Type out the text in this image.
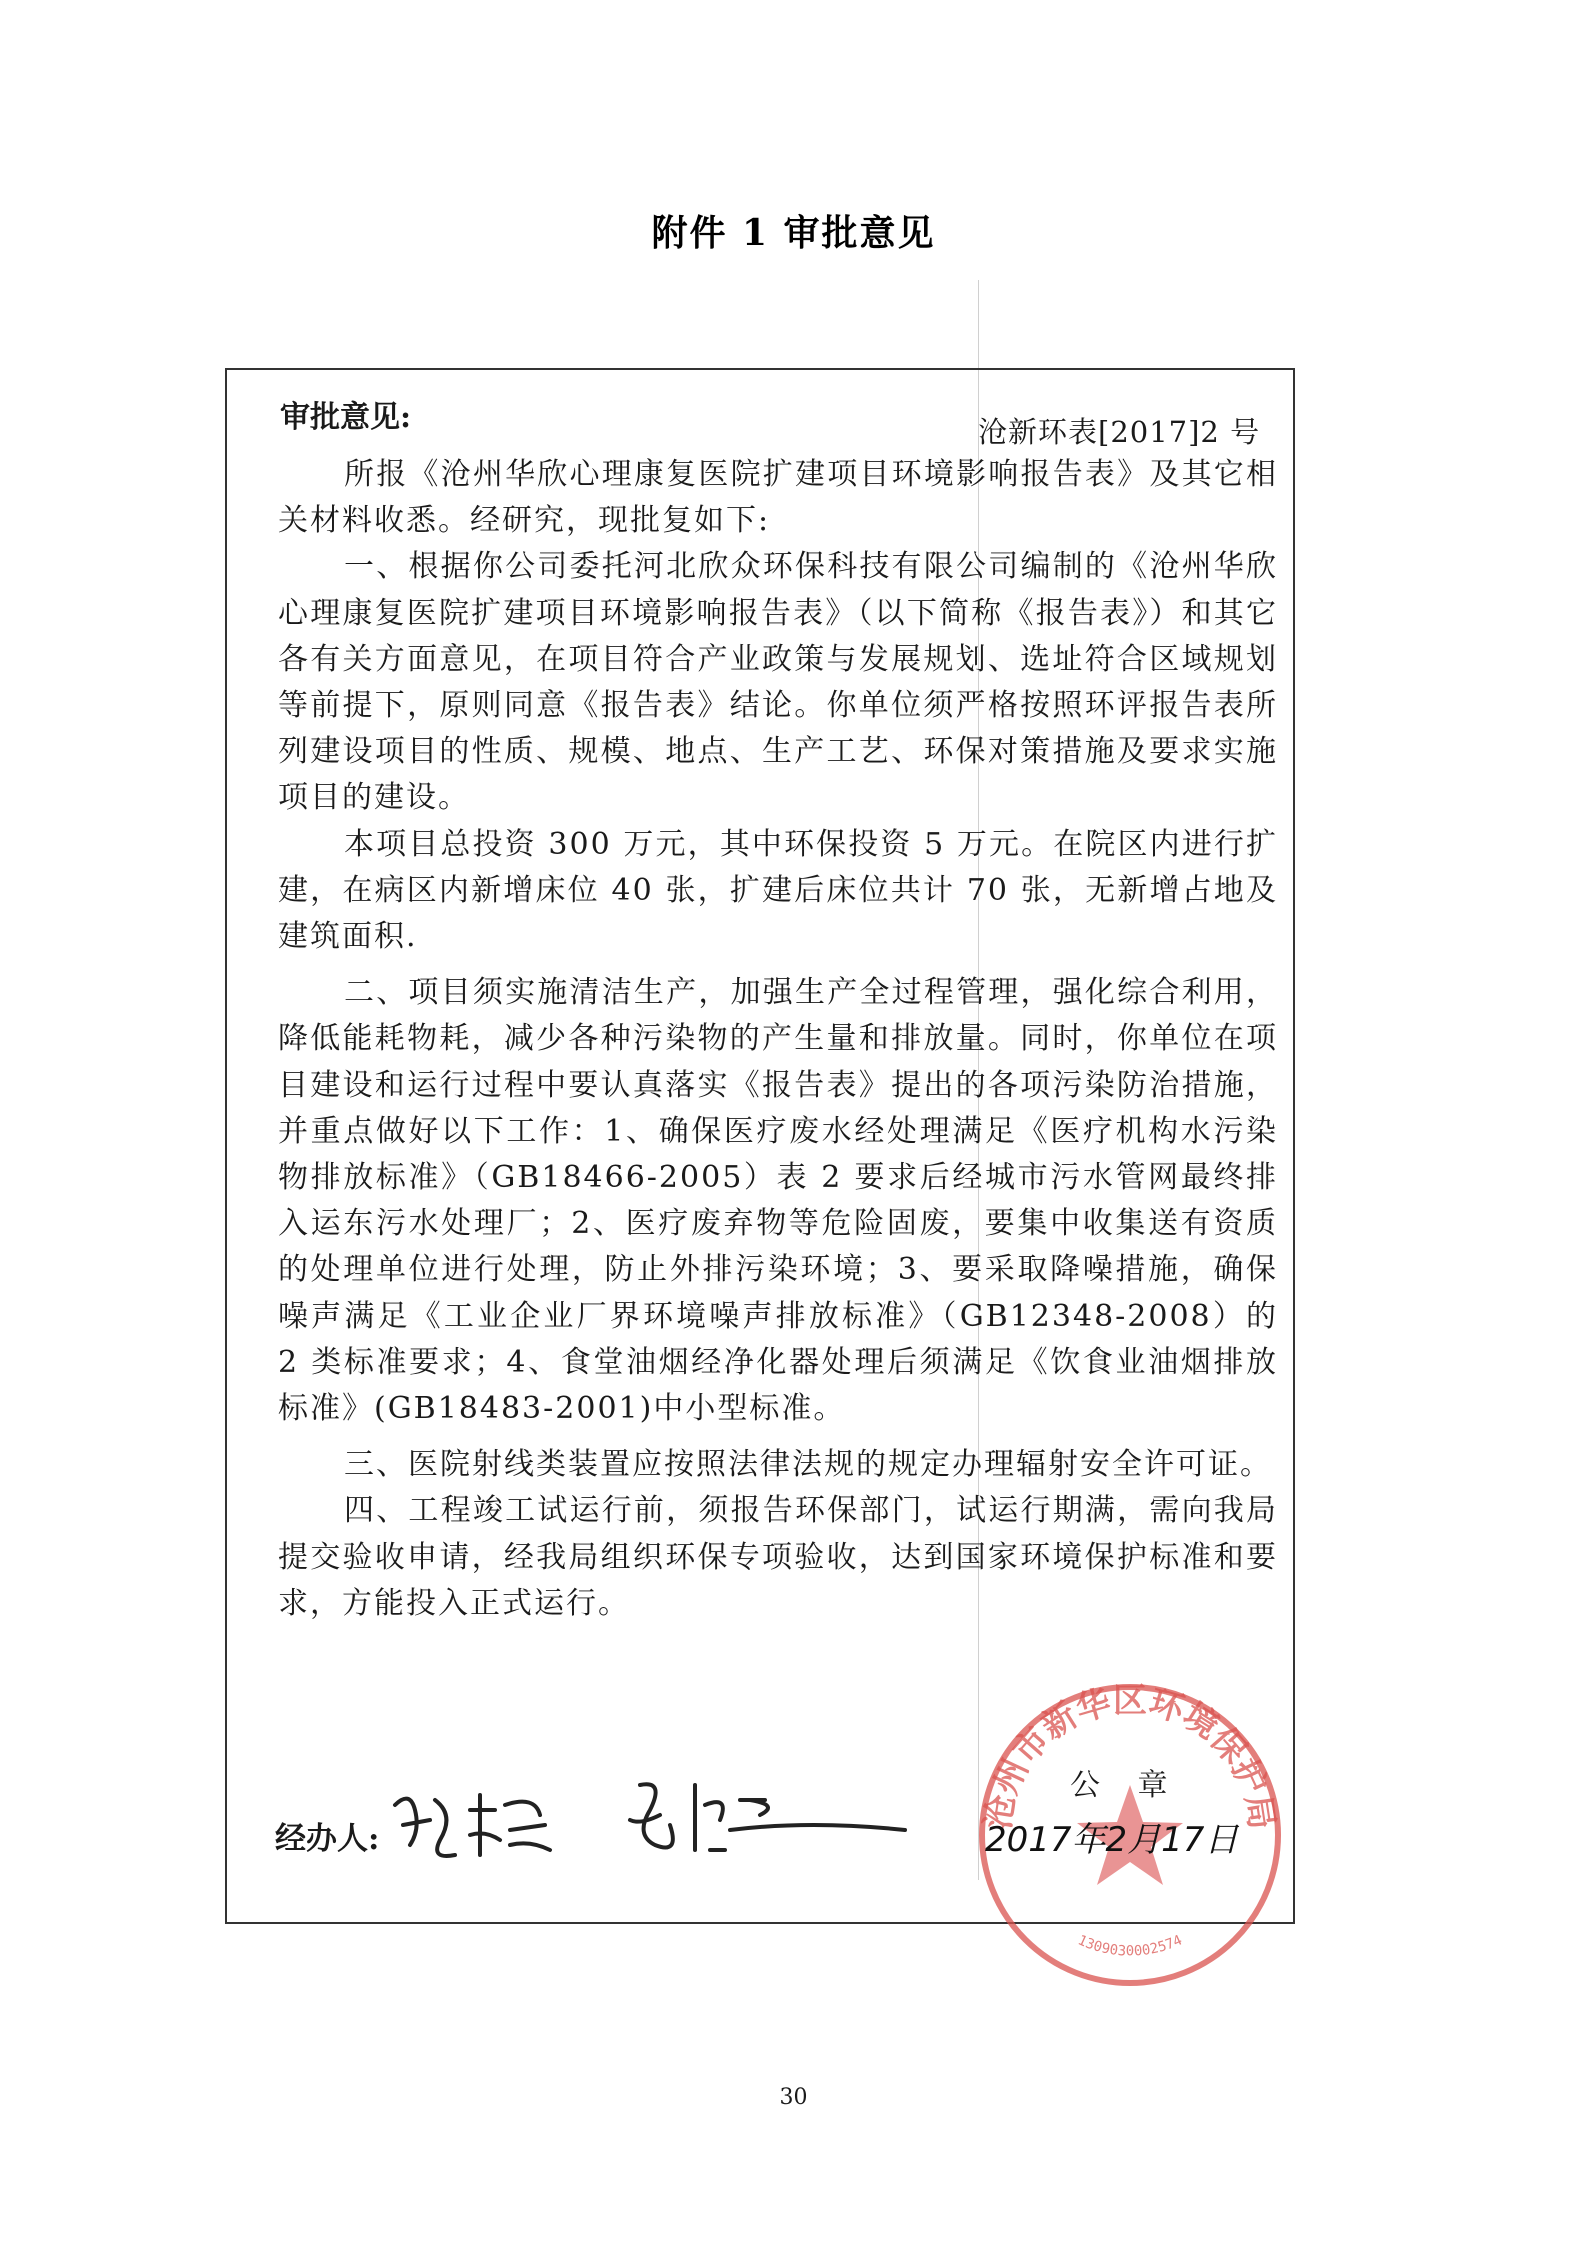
附件 1 审批意见
审批意见:	沧新环表[2017]2 号

所报《沧州华欣心理康复医院扩建项目环境影响报告表》及其它相关材料收悉。经研究，现批复如下:

一、根据你公司委托河北欣众环保科技有限公司编制的《沧州华欣心理康复医院扩建项目环境影响报告表》（以下简称《报告表》）和其它各有关方面意见，在项目符合产业政策与发展规划、选址符合区域规划等前提下，原则同意《报告表》结论。你单位须严格按照环评报告表所列建设项目的性质、规模、地点、生产工艺、环保对策措施及要求实施项目的建设。

本项目总投资 300 万元，其中环保投资 5 万元。在院区内进行扩建，在病区内新增床位 40 张，扩建后床位共计 70 张，无新增占地及建筑面积.

二、项目须实施清洁生产，加强生产全过程管理，强化综合利用，降低能耗物耗，减少各种污染物的产生量和排放量。同时，你单位在项目建设和运行过程中要认真落实《报告表》提出的各项污染防治措施，并重点做好以下工作：1、确保医疗废水经处理满足《医疗机构水污染物排放标准》（GB18466-2005）表 2 要求后经城市污水管网最终排入运东污水处理厂；2、医疗废弃物等危险固废，要集中收集送有资质的处理单位进行处理，防止外排污染环境；3、要采取降噪措施，确保噪声满足《工业企业厂界环境噪声排放标准》（GB12348-2008）的 2 类标准要求；4、食堂油烟经净化器处理后须满足《饮食业油烟排放标准》(GB18483-2001)中小型标准。

三、医院射线类装置应按照法律法规的规定办理辐射安全许可证。

四、工程竣工试运行前，须报告环保部门，试运行期满，需向我局提交验收申请，经我局组织环保专项验收，达到国家环境保护标准和要求，方能投入正式运行。

沧州市新华区环境保护局
1309030002574
公 章
经办人:	2017年2月17日
30
